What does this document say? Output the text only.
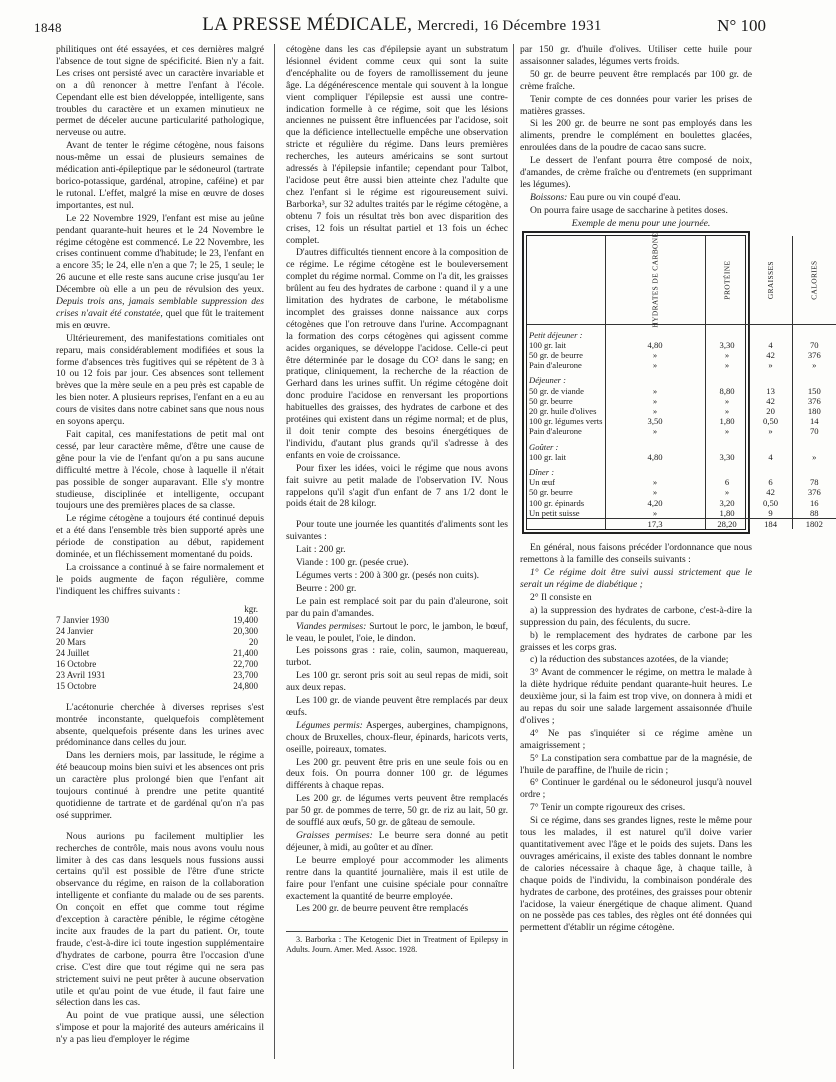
1848	LA PRESSE MÉDICALE, Mercredi, 16 Décembre 1931	N° 100

philitiques ont été essayées, et ces dernières malgré l'absence de tout signe de spécificité. Bien n'y a fait. Les crises ont persisté avec un caractère invariable et on a dû renoncer à mettre l'enfant à l'école. Cependant elle est bien développée, intelligente, sans troubles du caractère et un examen minutieux ne permet de déceler aucune particularité pathologique, nerveuse ou autre.

Avant de tenter le régime cétogène, nous faisons nous-même un essai de plusieurs semaines de médication anti-épileptique par le sédoneurol (tartrate borico-potassique, gardénal, atropine, caféine) et par le rutonal. L'effet, malgré la mise en œuvre de doses importantes, est nul.

Le 22 Novembre 1929, l'enfant est mise au jeûne pendant quarante-huit heures et le 24 Novembre le régime cétogène est commencé. Le 22 Novembre, les crises continuent comme d'habitude; le 23, l'enfant en a encore 35; le 24, elle n'en a que 7; le 25, 1 seule; le 26 aucune et elle reste sans aucune crise jusqu'au 1er Décembre où elle a un peu de révulsion des yeux. Depuis trois ans, jamais semblable suppression des crises n'avait été constatée, quel que fût le traitement mis en œuvre.

Ultérieurement, des manifestations comitiales ont reparu, mais considérablement modifiées et sous la forme d'absences très fugitives qui se répètent de 3 à 10 ou 12 fois par jour. Ces absences sont tellement brèves que la mère seule en a peu près est capable de les bien noter. A plusieurs reprises, l'enfant en a eu au cours de visites dans notre cabinet sans que nous nous en soyons aperçu.

Fait capital, ces manifestations de petit mal ont cessé, par leur caractère même, d'être une cause de gêne pour la vie de l'enfant qu'on a pu sans aucune difficulté mettre à l'école, chose à laquelle il n'était pas possible de songer auparavant. Elle s'y montre studieuse, disciplinée et intelligente, occupant toujours une des premières places de sa classe.

Le régime cétogène a toujours été continué depuis et a été dans l'ensemble très bien supporté après une période de constipation au début, rapidement dominée, et un fléchissement momentané du poids.

La croissance a continué à se faire normalement et le poids augmente de façon régulière, comme l'indiquent les chiffres suivants :

	kgr.
7 Janvier 1930	19,400
24 Janvier	20,300
20 Mars	20
24 Juillet	21,400
16 Octobre	22,700
23 Avril 1931	23,700
15 Octobre	24,800

L'acétonurie cherchée à diverses reprises s'est montrée inconstante, quelquefois complètement absente, quelquefois présente dans les urines avec prédominance dans celles du jour.

Dans les derniers mois, par lassitude, le régime a été beaucoup moins bien suivi et les absences ont pris un caractère plus prolongé bien que l'enfant ait toujours continué à prendre une petite quantité quotidienne de tartrate et de gardénal qu'on n'a pas osé supprimer.

Nous aurions pu facilement multiplier les recherches de contrôle, mais nous avons voulu nous limiter à des cas dans lesquels nous fussions aussi certains qu'il est possible de l'être d'une stricte observance du régime, en raison de la collaboration intelligente et confiante du malade ou de ses parents. On conçoit en effet que comme tout régime d'exception à caractère pénible, le régime cétogène incite aux fraudes de la part du patient. Or, toute fraude, c'est-à-dire ici toute ingestion supplémentaire d'hydrates de carbone, pourra être l'occasion d'une crise. C'est dire que tout régime qui ne sera pas strictement suivi ne peut prêter à aucune observation utile et qu'au point de vue étude, il faut faire une sélection dans les cas.

Au point de vue pratique aussi, une sélection s'impose et pour la majorité des auteurs américains il n'y a pas lieu d'employer le régime

cétogène dans les cas d'épilepsie ayant un substratum lésionnel évident comme ceux qui sont la suite d'encéphalite ou de foyers de ramollissement du jeune âge. La dégénérescence mentale qui souvent à la longue vient compliquer l'épilepsie est aussi une contre-indication formelle à ce régime, soit que les lésions anciennes ne puissent être influencées par l'acidose, soit que la déficience intellectuelle empêche une observation stricte et régulière du régime. Dans leurs premières recherches, les auteurs américains se sont surtout adressés à l'épilepsie infantile; cependant pour Talbot, l'acidose peut être aussi bien atteinte chez l'adulte que chez l'enfant si le régime est rigoureusement suivi. Barborka³, sur 32 adultes traités par le régime cétogène, a obtenu 7 fois un résultat très bon avec disparition des crises, 12 fois un résultat partiel et 13 fois un échec complet.

D'autres difficultés tiennent encore à la composition de ce régime. Le régime cétogène est le bouleversement complet du régime normal. Comme on l'a dit, les graisses brûlent au feu des hydrates de carbone : quand il y a une limitation des hydrates de carbone, le métabolisme incomplet des graisses donne naissance aux corps cétogènes que l'on retrouve dans l'urine. Accompagnant la formation des corps cétogènes qui agissent comme acides organiques, se développe l'acidose. Celle-ci peut être déterminée par le dosage du CO² dans le sang; en pratique, cliniquement, la recherche de la réaction de Gerhard dans les urines suffit. Un régime cétogène doit donc produire l'acidose en renversant les proportions habituelles des graisses, des hydrates de carbone et des protéines qui existent dans un régime normal; et de plus, il doit tenir compte des besoins énergétiques de l'individu, d'autant plus grands qu'il s'adresse à des enfants en voie de croissance.

Pour fixer les idées, voici le régime que nous avons fait suivre au petit malade de l'observation IV. Nous rappelons qu'il s'agit d'un enfant de 7 ans 1/2 dont le poids était de 28 kilogr.

Pour toute une journée les quantités d'aliments sont les suivantes :

Lait : 200 gr.

Viande : 100 gr. (pesée crue).

Légumes verts : 200 à 300 gr. (pesés non cuits).

Beurre : 200 gr.

Le pain est remplacé soit par du pain d'aleurone, soit par du pain d'amandes.

Viandes permises: Surtout le porc, le jambon, le bœuf, le veau, le poulet, l'oie, le dindon.

Les poissons gras : raie, colin, saumon, maquereau, turbot.

Les 100 gr. seront pris soit au seul repas de midi, soit aux deux repas.

Les 100 gr. de viande peuvent être remplacés par deux œufs.

Légumes permis: Asperges, aubergines, champignons, choux de Bruxelles, choux-fleur, épinards, haricots verts, oseille, poireaux, tomates.

Les 200 gr. peuvent être pris en une seule fois ou en deux fois. On pourra donner 100 gr. de légumes différents à chaque repas.

Les 200 gr. de légumes verts peuvent être remplacés par 50 gr. de pommes de terre, 50 gr. de riz au lait, 50 gr. de soufflé aux œufs, 50 gr. de gâteau de semoule.

Graisses permises: Le beurre sera donné au petit déjeuner, à midi, au goûter et au dîner.

Le beurre employé pour accommoder les aliments rentre dans la quantité journalière, mais il est utile de faire pour l'enfant une cuisine spéciale pour connaître exactement la quantité de beurre employée.

Les 200 gr. de beurre peuvent être remplacés

3. Barborka : The Ketogenic Diet in Treatment of Epilepsy in Adults. Journ. Amer. Med. Assoc. 1928.

par 150 gr. d'huile d'olives. Utiliser cette huile pour assaisonner salades, légumes verts froids.

50 gr. de beurre peuvent être remplacés par 100 gr. de crème fraîche.

Tenir compte de ces données pour varier les prises de matières grasses.

Si les 200 gr. de beurre ne sont pas employés dans les aliments, prendre le complément en boulettes glacées, enroulées dans de la poudre de cacao sans sucre.

Le dessert de l'enfant pourra être composé de noix, d'amandes, de crème fraîche ou d'entremets (en supprimant les légumes).

Boissons: Eau pure ou vin coupé d'eau.

On pourra faire usage de saccharine à petites doses.

Exemple de menu pour une journée.

	HYDRATES DE CARBONE	PROTÉINE	GRAISSES	CALORIES
Petit déjeuner :				
100 gr. lait	4,80	3,30	4	70
50 gr. de beurre	»	»	42	376
Pain d'aleurone	»	»	»	»
Déjeuner :				
50 gr. de viande	»	8,80	13	150
50 gr. beurre	»	»	42	376
20 gr. huile d'olives	»	»	20	180
100 gr. légumes verts	3,50	1,80	0,50	14
Pain d'aleurone	»	»	»	70
Goûter :				
100 gr. lait	4,80	3,30	4	»
Dîner :				
Un œuf	»	6	6	78
50 gr. beurre	»	»	42	376
100 gr. épinards	4,20	3,20	0,50	16
Un petit suisse	»	1,80	9	88
	17,3	28,20	184	1802

En général, nous faisons précéder l'ordonnance que nous remettons à la famille des conseils suivants :

1° Ce régime doit être suivi aussi strictement que le serait un régime de diabétique ;

2° Il consiste en

a) la suppression des hydrates de carbone, c'est-à-dire la suppression du pain, des féculents, du sucre.

b) le remplacement des hydrates de carbone par les graisses et les corps gras.

c) la réduction des substances azotées, de la viande;

3° Avant de commencer le régime, on mettra le malade à la diète hydrique réduite pendant quarante-huit heures. Le deuxième jour, si la faim est trop vive, on donnera à midi et au repas du soir une salade largement assaisonnée d'huile d'olives ;

4° Ne pas s'inquiéter si ce régime amène un amaigrissement ;

5° La constipation sera combattue par de la magnésie, de l'huile de paraffine, de l'huile de ricin ;

6° Continuer le gardénal ou le sédoneurol jusqu'à nouvel ordre ;

7° Tenir un compte rigoureux des crises.

Si ce régime, dans ses grandes lignes, reste le même pour tous les malades, il est naturel qu'il doive varier quantitativement avec l'âge et le poids des sujets. Dans les ouvrages américains, il existe des tables donnant le nombre de calories nécessaire à chaque âge, à chaque taille, à chaque poids de l'individu, la combinaison pondérale des hydrates de carbone, des protéines, des graisses pour obtenir l'acidose, la vaieur énergétique de chaque aliment. Quand on ne possède pas ces tables, des règles ont été données qui permettent d'établir un régime cétogène.
